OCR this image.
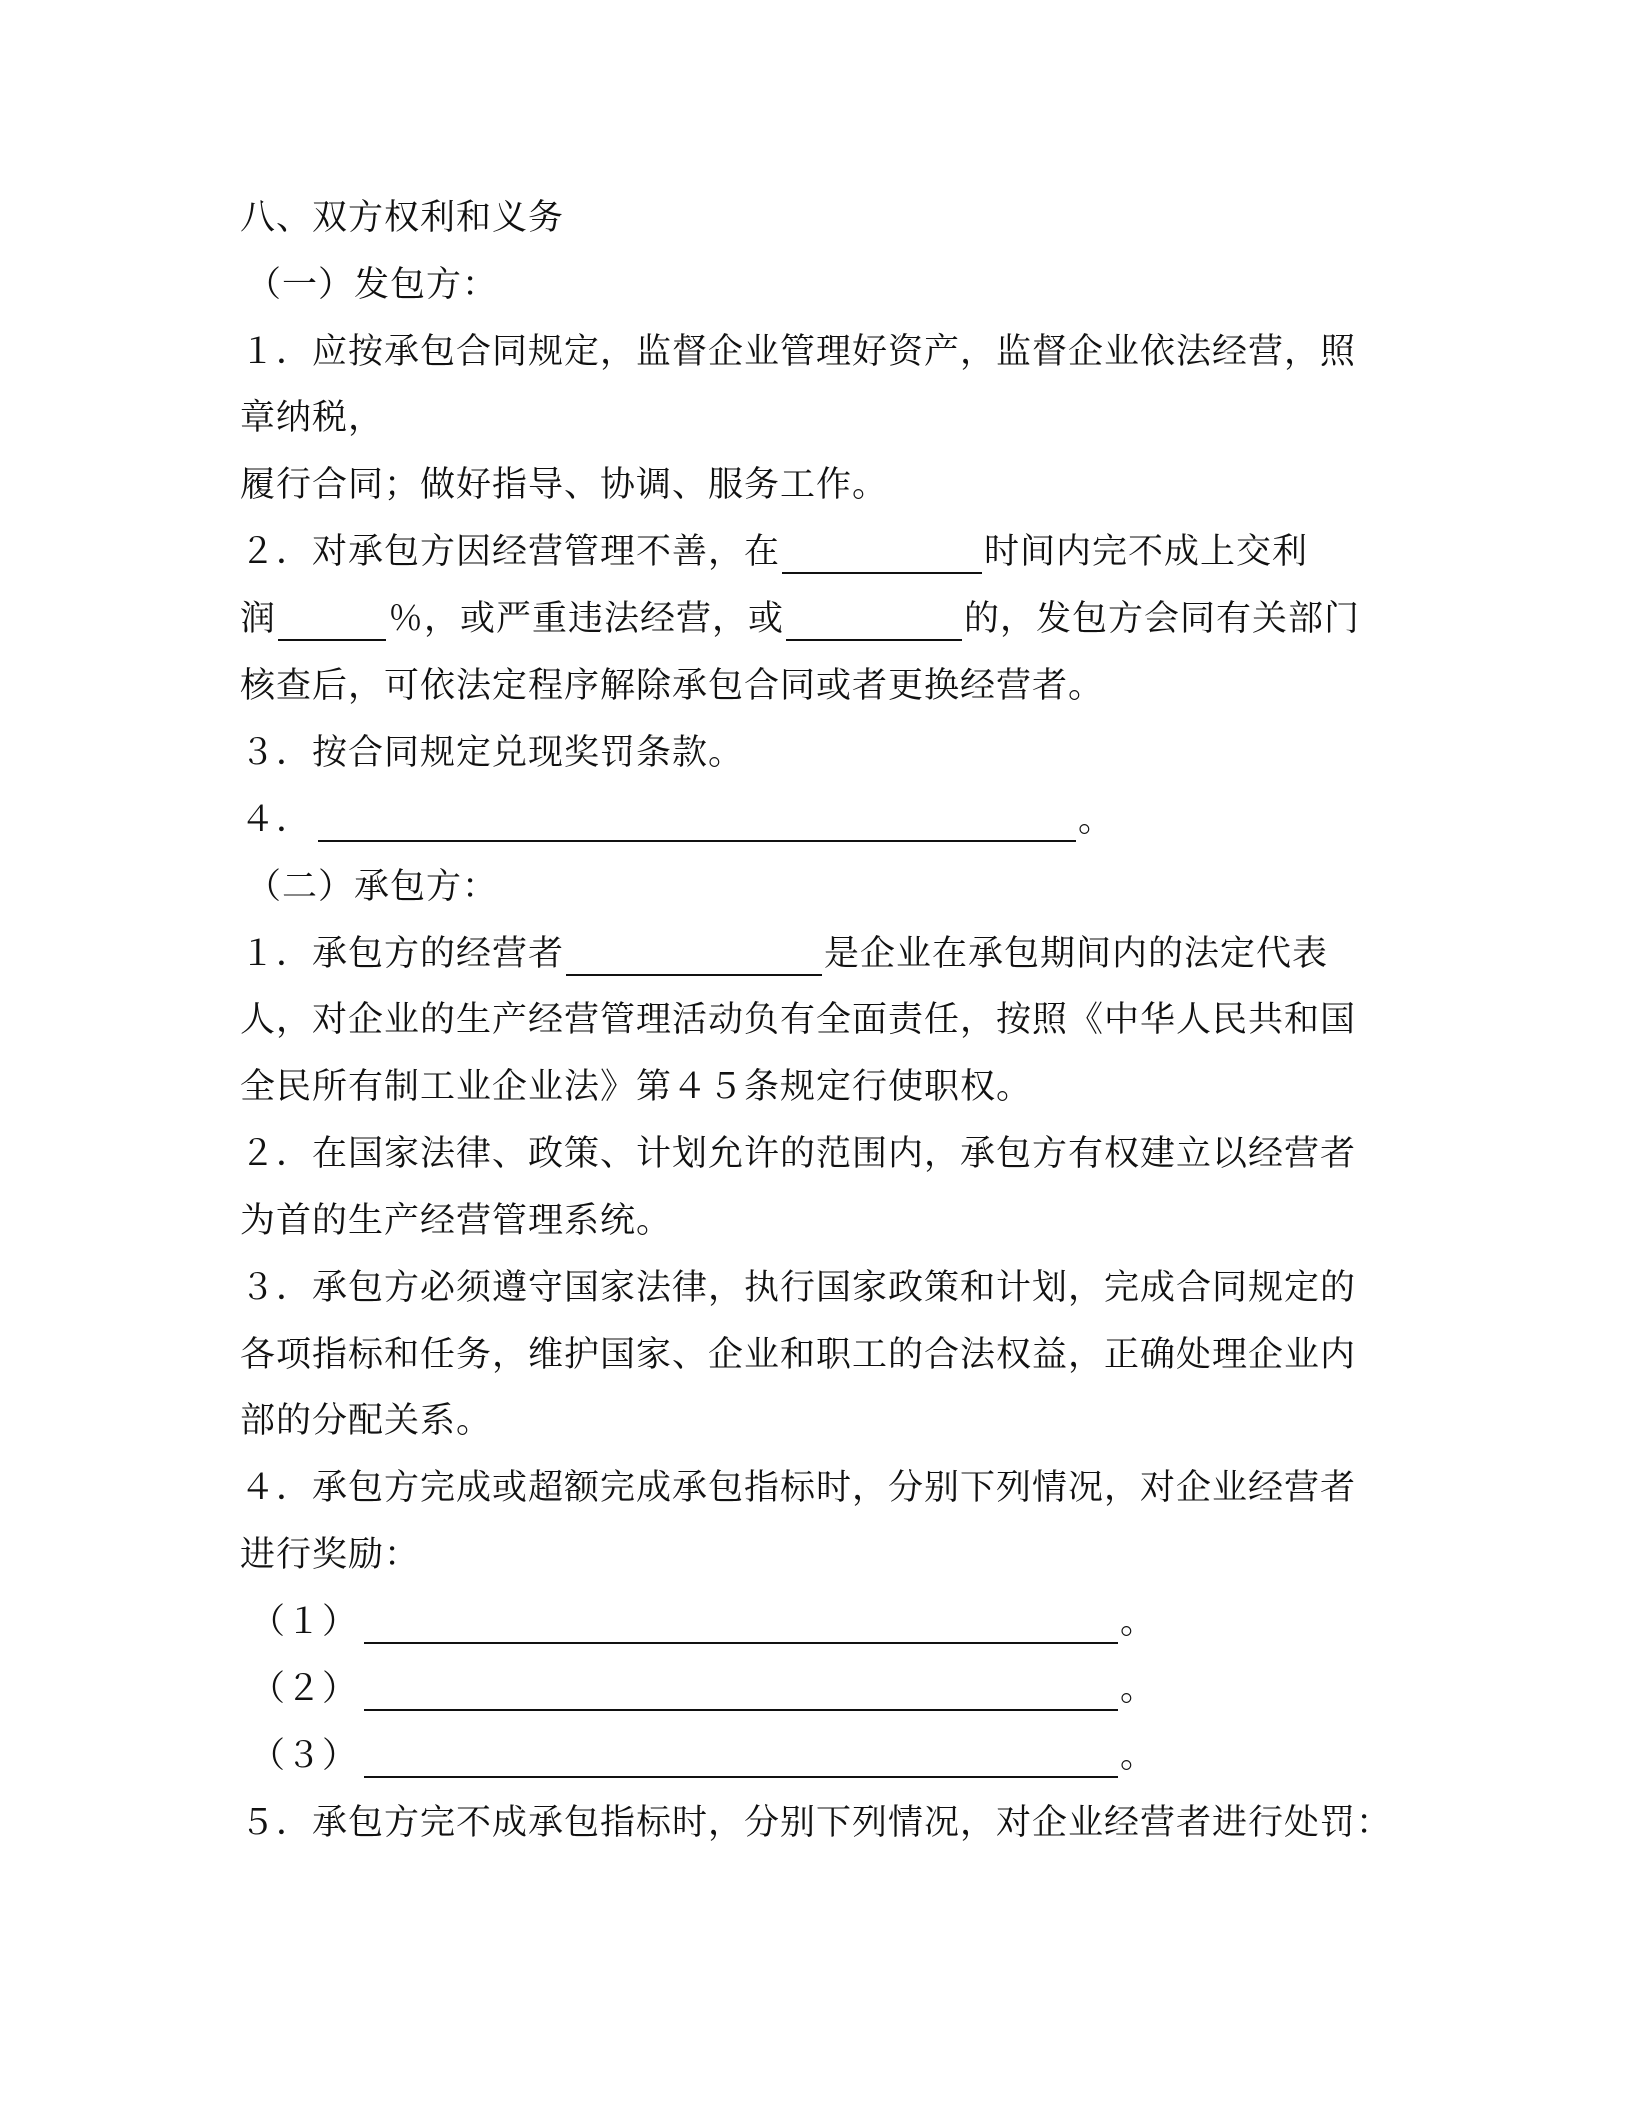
八、双方权利和义务
（一）发包方：
１．应按承包合同规定，监督企业管理好资产，监督企业依法经营，照
章纳税，
履行合同；做好指导、协调、服务工作。
２．对承包方因经营管理不善，在	时间内完不成上交利
润	％，或严重违法经营，或	的，发包方会同有关部门
核查后，可依法定程序解除承包合同或者更换经营者。
３．按合同规定兑现奖罚条款。
４．	。
（二）承包方：
１．承包方的经营者	是企业在承包期间内的法定代表
人，对企业的生产经营管理活动负有全面责任，按照《中华人民共和国
全民所有制工业企业法》第４５条规定行使职权。
２．在国家法律、政策、计划允许的范围内，承包方有权建立以经营者
为首的生产经营管理系统。
３．承包方必须遵守国家法律，执行国家政策和计划，完成合同规定的
各项指标和任务，维护国家、企业和职工的合法权益，正确处理企业内
部的分配关系。
４．承包方完成或超额完成承包指标时，分别下列情况，对企业经营者
进行奖励：
（１）	。
（２）	。
（３）	。
５．承包方完不成承包指标时，分别下列情况，对企业经营者进行处罚：
